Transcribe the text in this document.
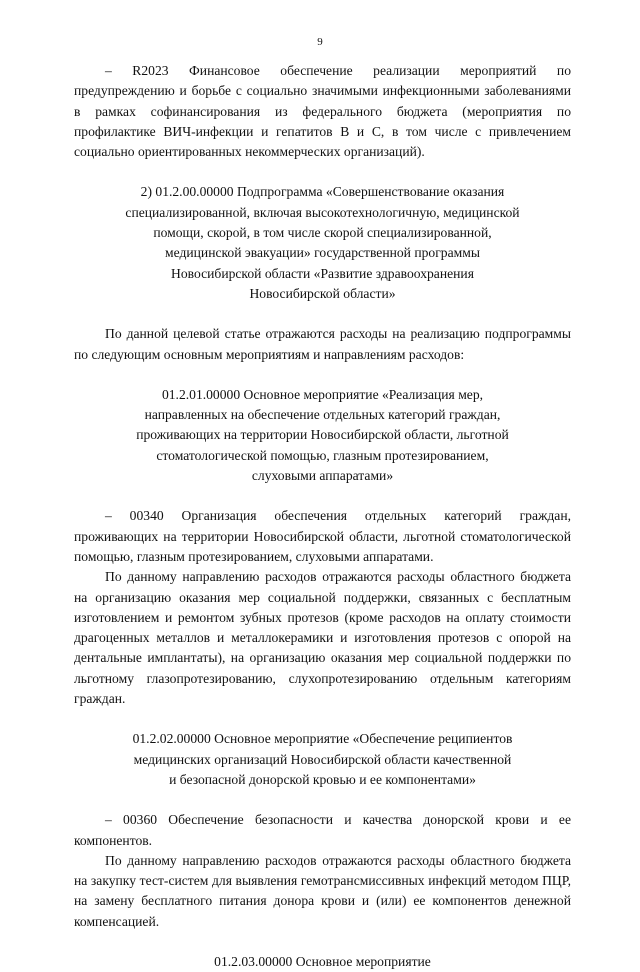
9

– R2023 Финансовое обеспечение реализации мероприятий по предупреждению и борьбе с социально значимыми инфекционными заболеваниями в рамках софинансирования из федерального бюджета (мероприятия по профилактике ВИЧ-инфекции и гепатитов В и С, в том числе с привлечением социально ориентированных некоммерческих организаций).

2) 01.2.00.00000 Подпрограмма «Совершенствование оказания

специализированной, включая высокотехнологичную, медицинской

помощи, скорой, в том числе скорой специализированной,

медицинской эвакуации» государственной программы

Новосибирской области «Развитие здравоохранения

Новосибирской области»

По данной целевой статье отражаются расходы на реализацию подпрограммы по следующим основным мероприятиям и направлениям расходов:

01.2.01.00000 Основное мероприятие «Реализация мер,

направленных на обеспечение отдельных категорий граждан,

проживающих на территории Новосибирской области, льготной

стоматологической помощью, глазным протезированием,

слуховыми аппаратами»

– 00340 Организация обеспечения отдельных категорий граждан, проживающих на территории Новосибирской области, льготной стоматологической помощью, глазным протезированием, слуховыми аппаратами.

По данному направлению расходов отражаются расходы областного бюджета на организацию оказания мер социальной поддержки, связанных с бесплатным изготовлением и ремонтом зубных протезов (кроме расходов на оплату стоимости драгоценных металлов и металлокерамики и изготовления протезов с опорой на дентальные имплантаты), на организацию оказания мер социальной поддержки по льготному глазопротезированию, слухопротезированию отдельным категориям граждан.

01.2.02.00000 Основное мероприятие «Обеспечение реципиентов

медицинских организаций Новосибирской области качественной

и безопасной донорской кровью и ее компонентами»

– 00360 Обеспечение безопасности и качества донорской крови и ее компонентов.

По данному направлению расходов отражаются расходы областного бюджета на закупку тест-систем для выявления гемотрансмиссивных инфекций методом ПЦР, на замену бесплатного питания донора крови и (или) ее компонентов денежной компенсацией.

01.2.03.00000 Основное мероприятие
